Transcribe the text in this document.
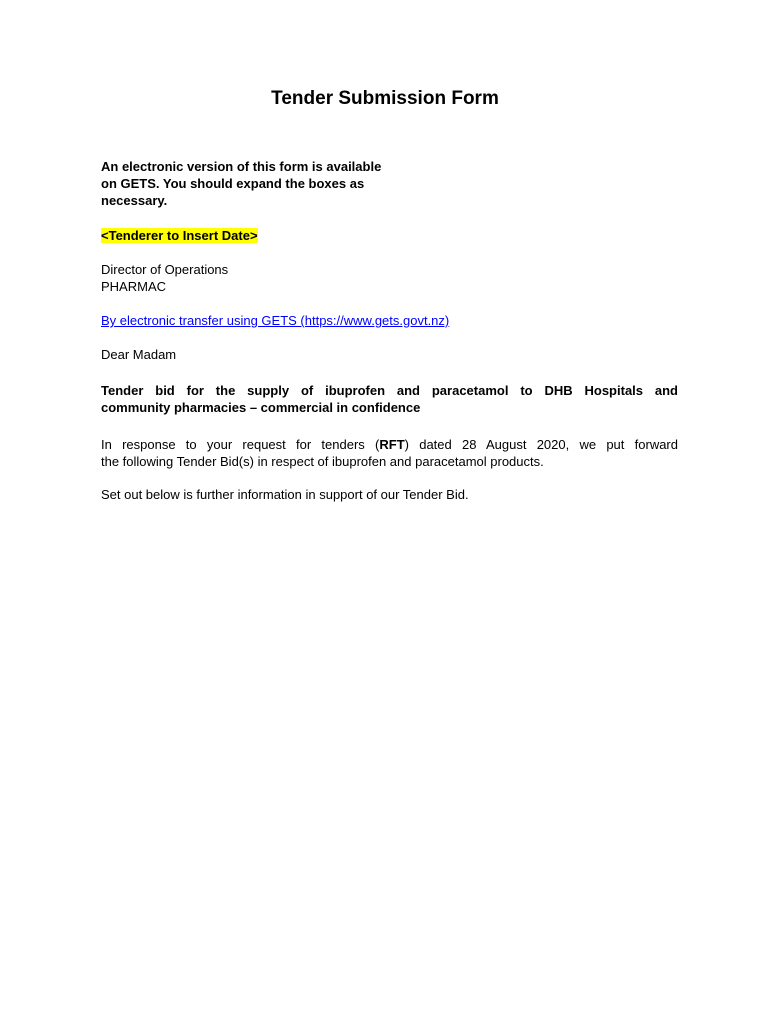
Tender Submission Form
An electronic version of this form is available
on GETS. You should expand the boxes as
necessary.
<Tenderer to Insert Date>
Director of Operations
PHARMAC
By electronic transfer using GETS (https://www.gets.govt.nz)
Dear Madam
Tender bid for the supply of ibuprofen and paracetamol to DHB Hospitals and
community pharmacies – commercial in confidence
In response to your request for tenders (RFT) dated 28 August 2020, we put forward
the following Tender Bid(s) in respect of ibuprofen and paracetamol products.
Set out below is further information in support of our Tender Bid.
